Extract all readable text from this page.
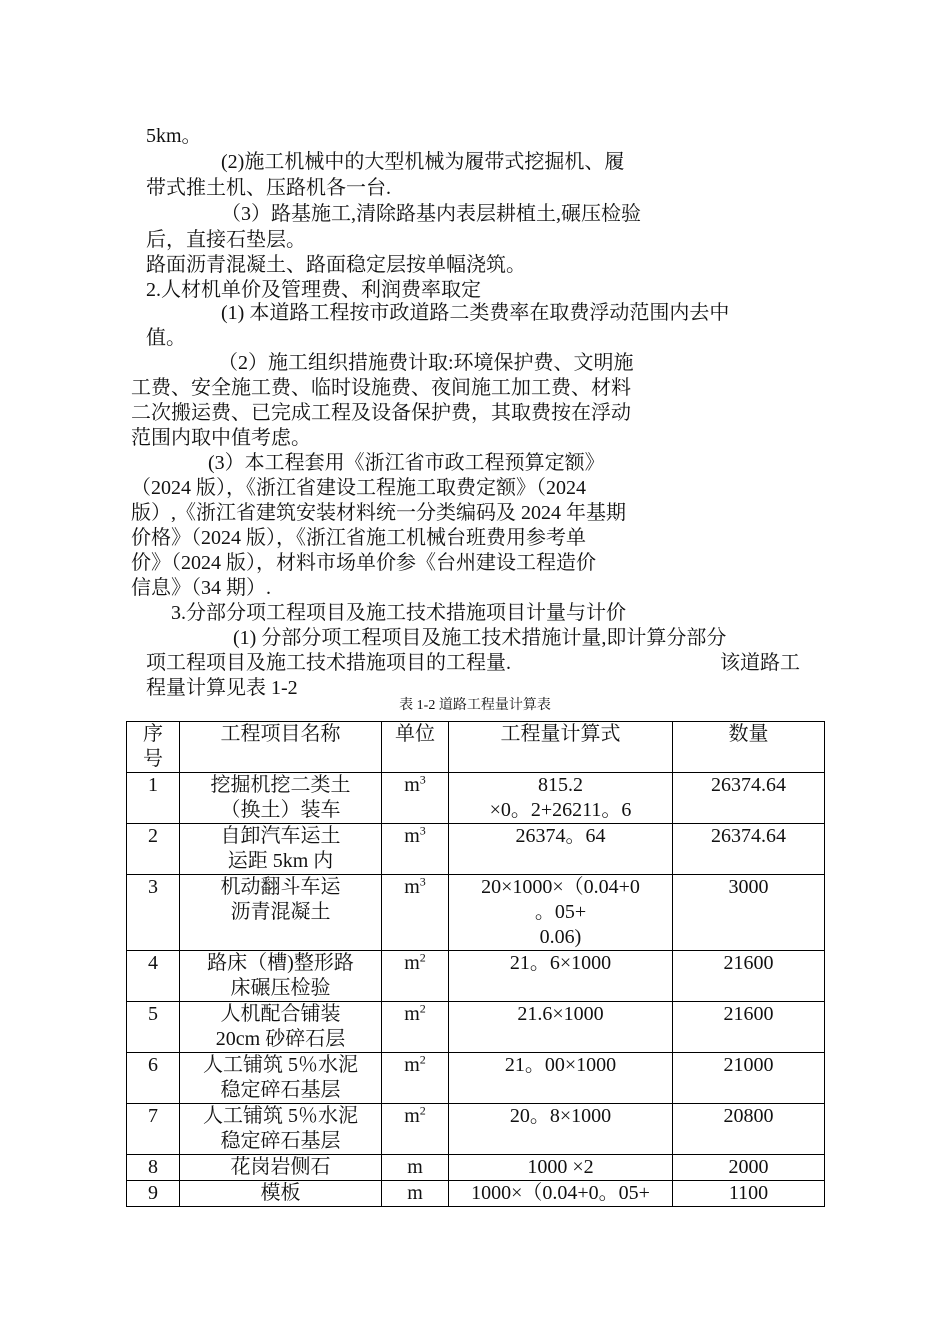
5km。
(2)施工机械中的大型机械为履带式挖掘机、履
带式推土机、压路机各一台.
（3）路基施工,清除路基内表层耕植土,碾压检验
后，直接石垫层。
路面沥青混凝土、路面稳定层按单幅浇筑。
2.人材机单价及管理费、利润费率取定
(1) 本道路工程按市政道路二类费率在取费浮动范围内去中
值。
（2）施工组织措施费计取:环境保护费、文明施
工费、安全施工费、临时设施费、夜间施工加工费、材料
二次搬运费、已完成工程及设备保护费，其取费按在浮动
范围内取中值考虑。
(3）本工程套用《浙江省市政工程预算定额》
（2024 版），《浙江省建设工程施工取费定额》（2024
版）,《浙江省建筑安装材料统一分类编码及 2024 年基期
价格》（2024 版），《浙江省施工机械台班费用参考单
价》（2024 版），材料市场单价参《台州建设工程造价
信息》（34 期）.
3.分部分项工程项目及施工技术措施项目计量与计价
(1) 分部分项工程项目及施工技术措施计量,即计算分部分
项工程项目及施工技术措施项目的工程量.	该道路工
程量计算见表 1-2
表 1-2 道路工程量计算表
序
号	工程项目名称	单位	工程量计算式	数量
1	挖掘机挖二类土
（换土）装车	$m^3$	815.2
×0。2+26211。6	26374.64
2	自卸汽车运土
运距 5km 内	$m^3$	26374。64	26374.64
3	机动翻斗车运
沥青混凝土	$m^3$	20×1000×（0.04+0
。05+
0.06)	3000
4	路床（槽)整形路
床碾压检验	$m^2$	21。6×1000	21600
5	人机配合铺装
20cm 砂碎石层	$m^2$	21.6×1000	21600
6	人工铺筑 5％水泥
稳定碎石基层	$m^2$	21。00×1000	21000
7	人工铺筑 5％水泥
稳定碎石基层	$m^2$	20。8×1000	20800
8	花岗岩侧石	m	1000 ×2	2000
9	模板	m	1000×（0.04+0。05+	1100
